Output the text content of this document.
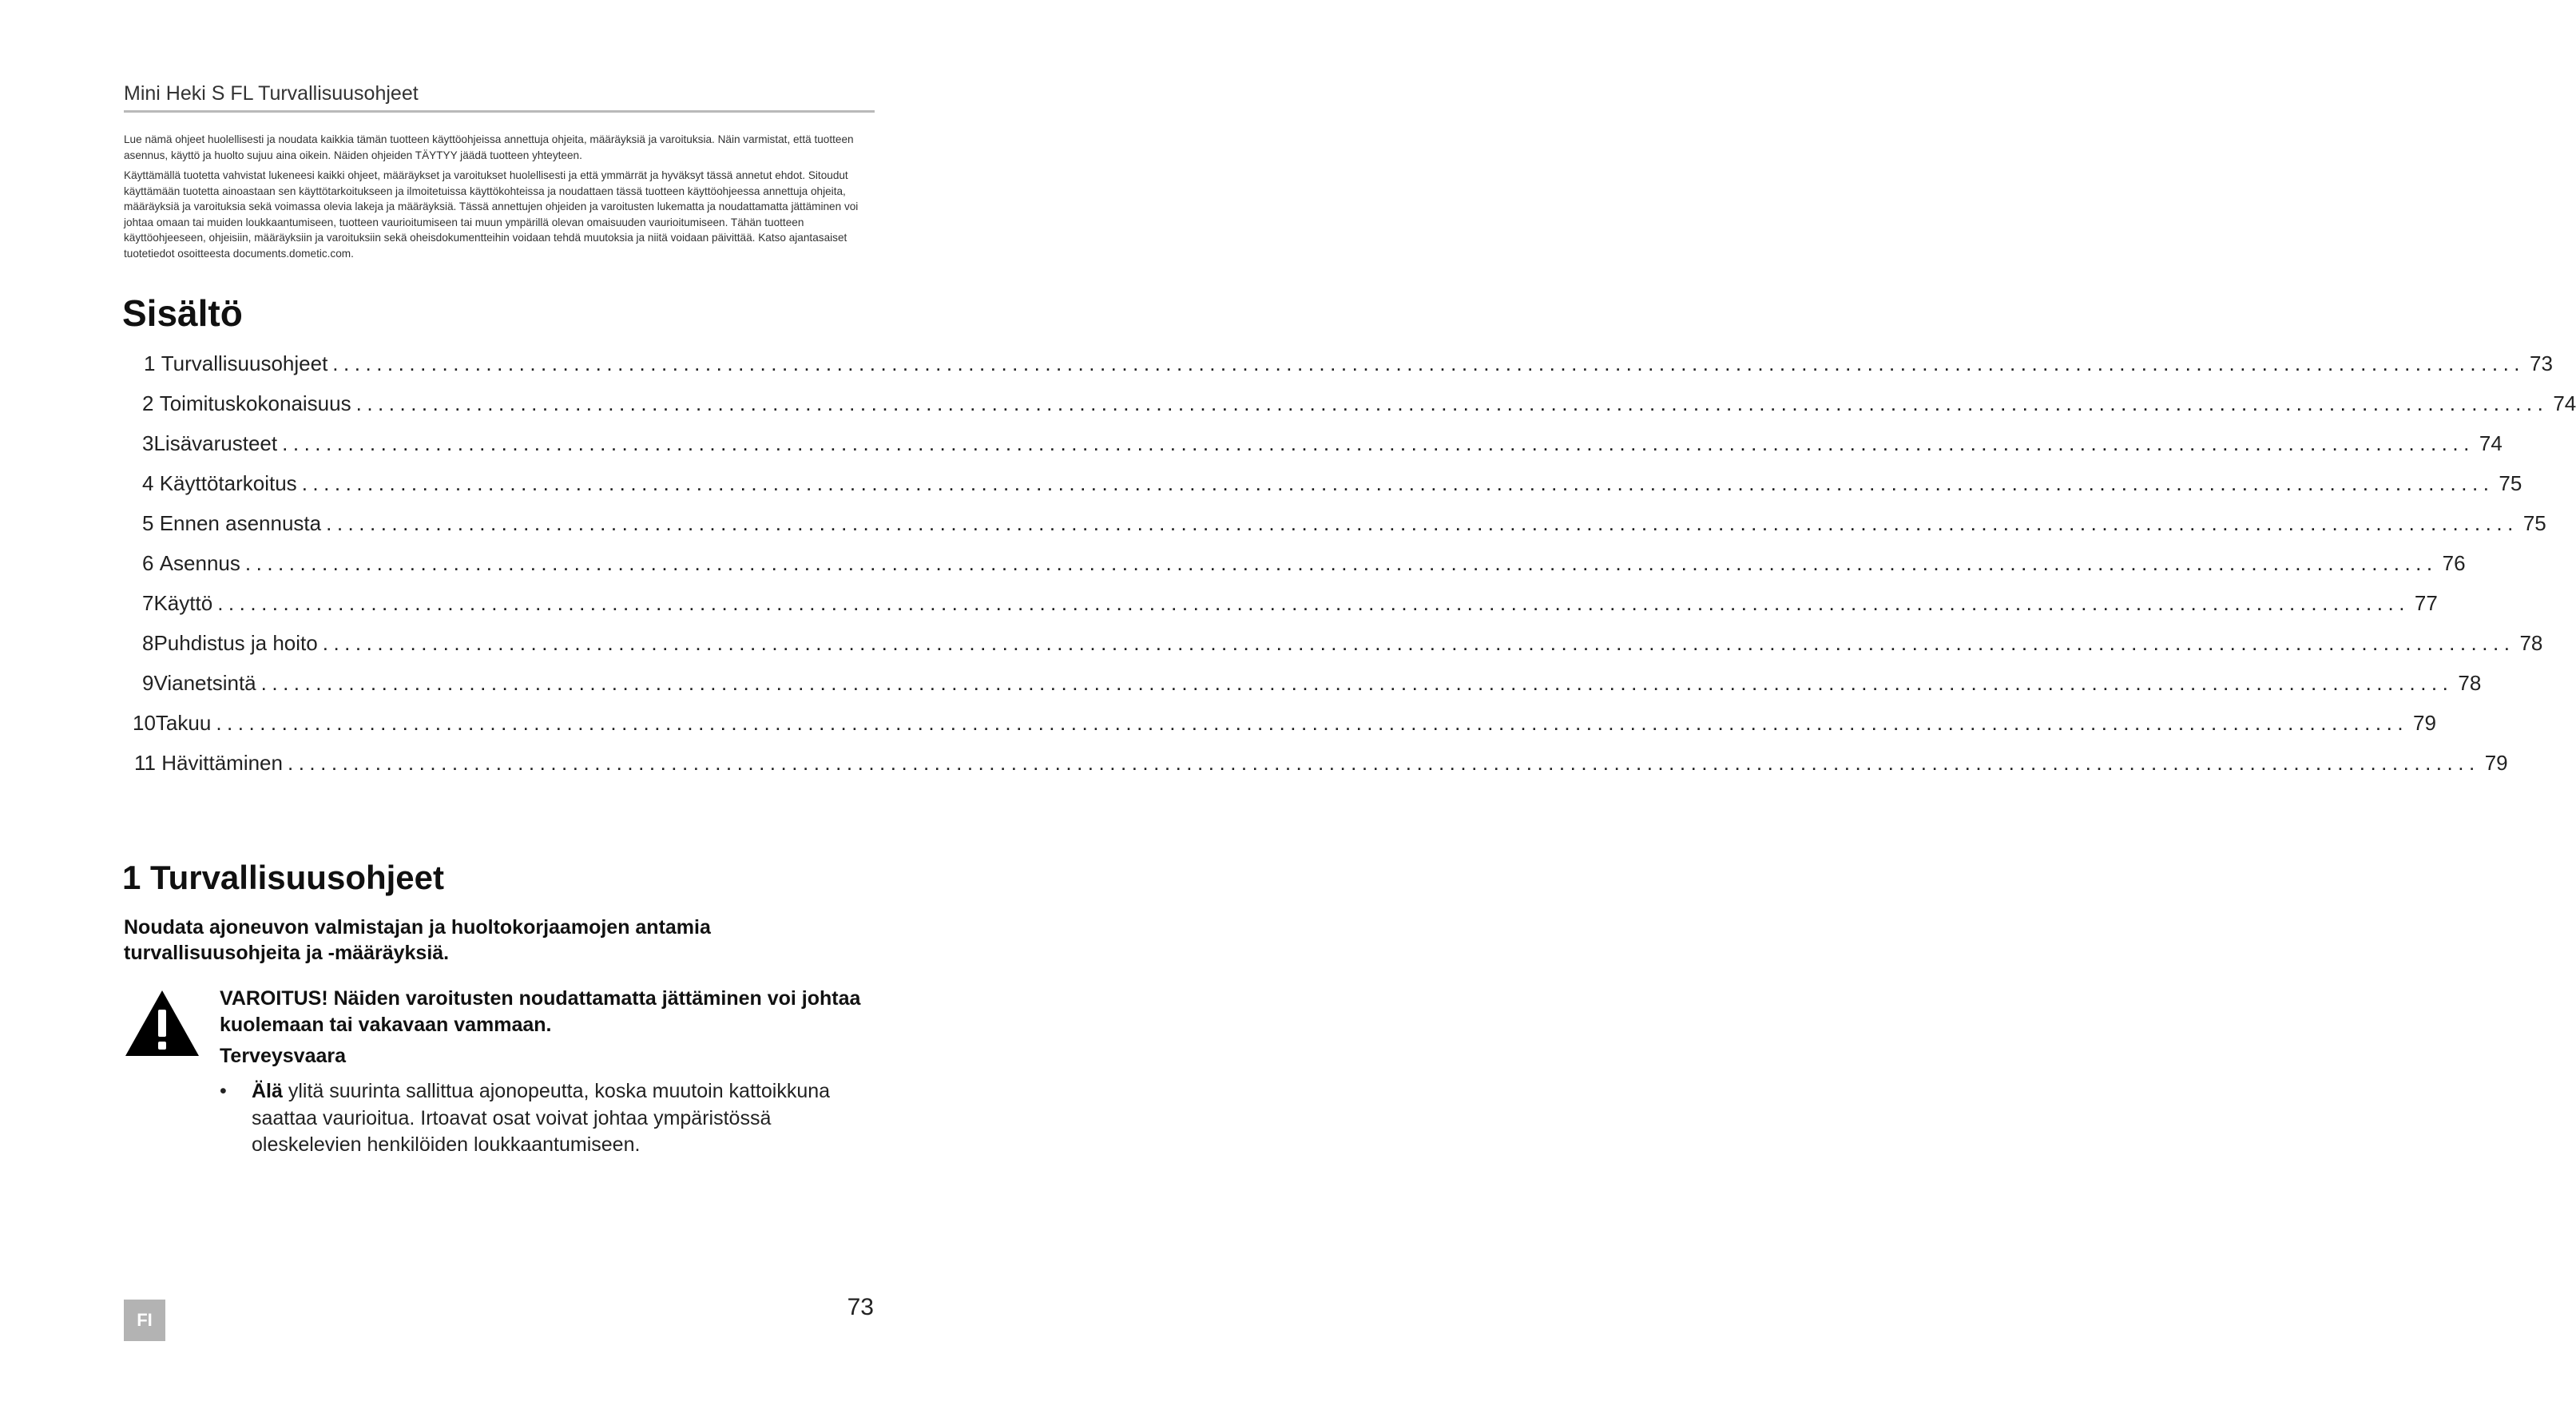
Mini Heki S FL Turvallisuusohjeet

Lue nämä ohjeet huolellisesti ja noudata kaikkia tämän tuotteen käyttöohjeissa annettuja ohjeita, määräyksiä ja varoituksia. Näin varmistat, että tuotteen asennus, käyttö ja huolto sujuu aina oikein. Näiden ohjeiden TÄYTYY jäädä tuotteen yhteyteen.

Käyttämällä tuotetta vahvistat lukeneesi kaikki ohjeet, määräykset ja varoitukset huolellisesti ja että ymmärrät ja hyväksyt tässä annetut ehdot. Sitoudut käyttämään tuotetta ainoastaan sen käyttötarkoitukseen ja ilmoitetuissa käyttökohteissa ja noudattaen tässä tuotteen käyttöohjeessa annettuja ohjeita, määräyksiä ja varoituksia sekä voimassa olevia lakeja ja määräyksiä. Tässä annettujen ohjeiden ja varoitusten lukematta ja noudattamatta jättäminen voi johtaa omaan tai muiden loukkaantumiseen, tuotteen vaurioitumiseen tai muun ympärillä olevan omaisuuden vaurioitumiseen. Tähän tuotteen käyttöohjeeseen, ohjeisiin, määräyksiin ja varoituksiin sekä oheisdokumentteihin voidaan tehdä muutoksia ja niitä voidaan päivittää. Katso ajantasaiset tuotetiedot osoitteesta documents.dometic.com.

Sisältö
1
Turvallisuusohjeet ........................................................................................................................................................................................................ 73
2
Toimituskokonaisuus ........................................................................................................................................................................................................ 74
3 Lisävarusteet ........................................................................................................................................................................................................ 74
4
Käyttötarkoitus ........................................................................................................................................................................................................ 75
5
Ennen asennusta ........................................................................................................................................................................................................ 75
6
Asennus ........................................................................................................................................................................................................ 76
7 Käyttö ........................................................................................................................................................................................................ 77
8 Puhdistus ja hoito ........................................................................................................................................................................................................ 78
9 Vianetsintä ........................................................................................................................................................................................................ 78
10 Takuu ........................................................................................................................................................................................................ 79
11
Hävittäminen ........................................................................................................................................................................................................ 79
1 Turvallisuusohjeet

Noudata ajoneuvon valmistajan ja huoltokorjaamojen antamia turvallisuusohjeita ja -määräyksiä.

VAROITUS! Näiden varoitusten noudattamatta jättäminen voi johtaa kuolemaan tai vakavaan vammaan.

Terveysvaara

• Älä ylitä suurinta sallittua ajonopeutta, koska muutoin kattoikkuna saattaa vaurioitua. Irtoavat osat voivat johtaa ympäristössä oleskelevien henkilöiden loukkaantumiseen.
FI	73
